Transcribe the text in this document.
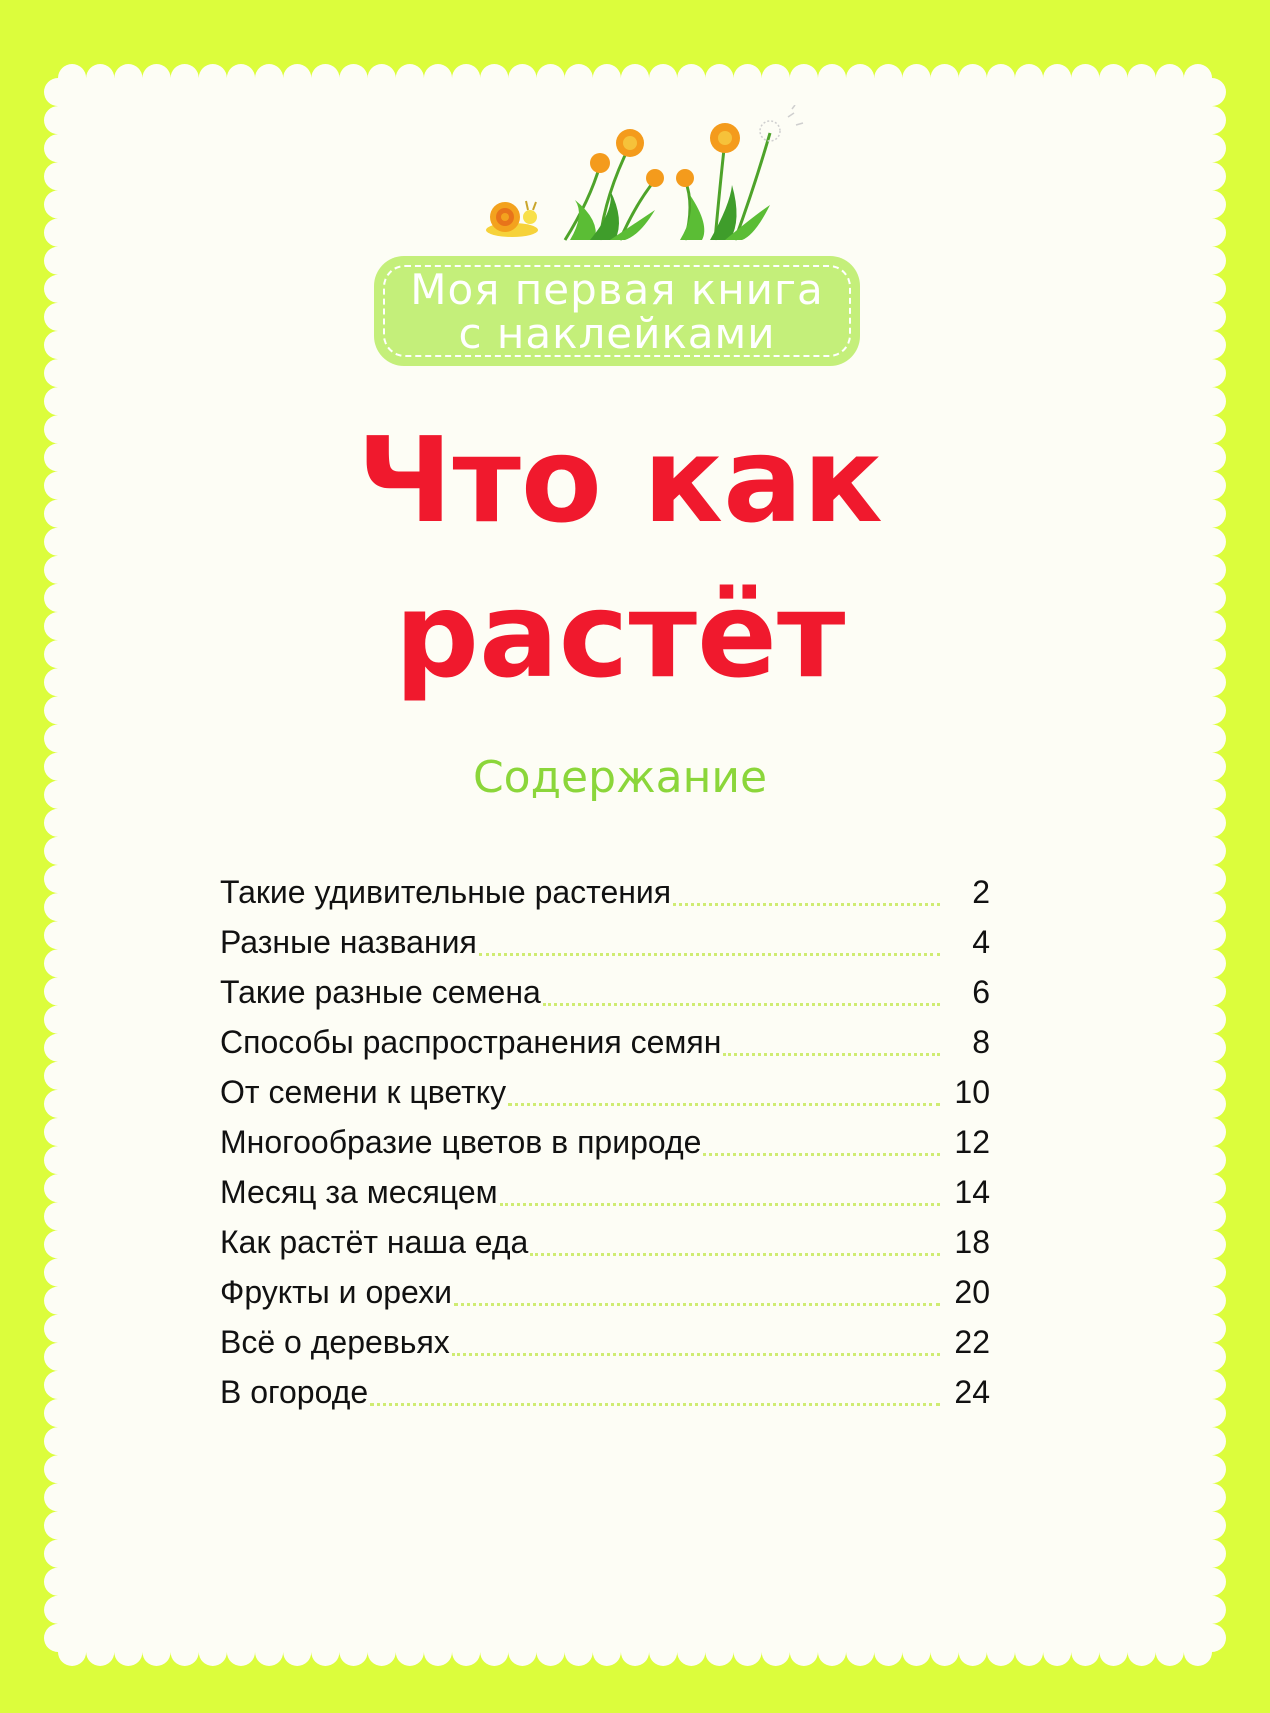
Моя первая книга
с наклейками
Что как
растёт
Содержание
Такие удивительные растения	2
Разные названия	4
Такие разные семена	6
Способы распространения семян	8
От семени к цветку	10
Многообразие цветов в природе	12
Месяц за месяцем	14
Как растёт наша еда	18
Фрукты и орехи	20
Всё о деревьях	22
В огороде	24
